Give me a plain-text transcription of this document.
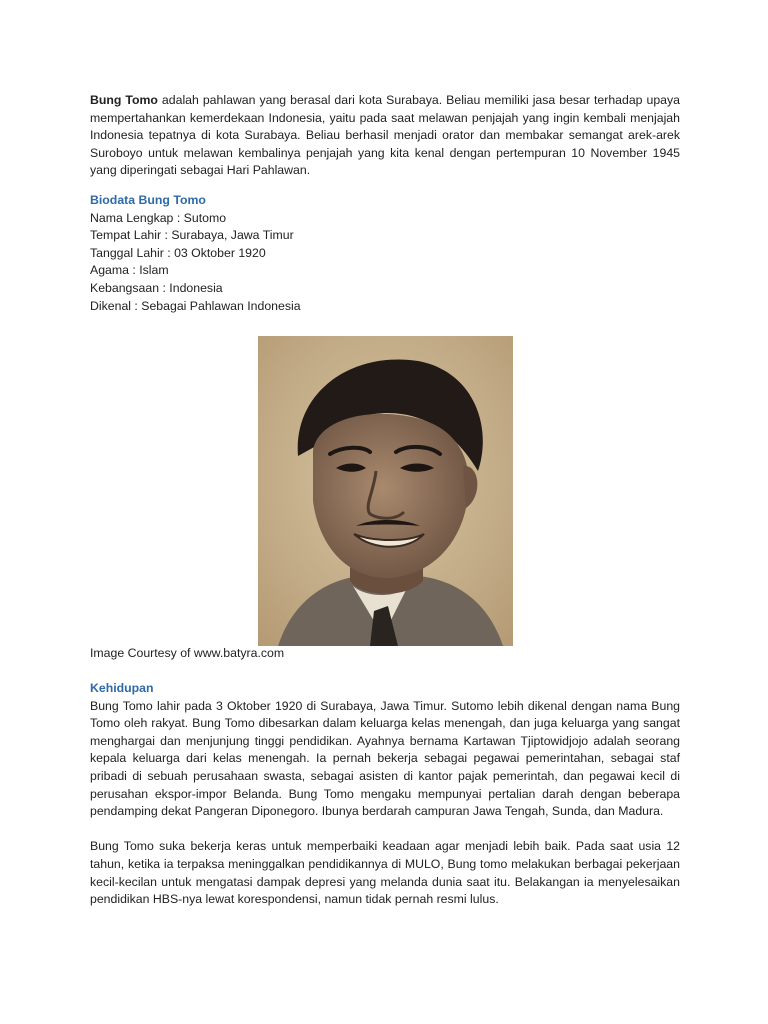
Bung Tomo adalah pahlawan yang berasal dari kota Surabaya. Beliau memiliki jasa besar terhadap upaya mempertahankan kemerdekaan Indonesia, yaitu pada saat melawan penjajah yang ingin kembali menjajah Indonesia tepatnya di kota Surabaya. Beliau berhasil menjadi orator dan membakar semangat arek-arek Suroboyo untuk melawan kembalinya penjajah yang kita kenal dengan pertempuran 10 November 1945 yang diperingati sebagai Hari Pahlawan.

Biodata Bung Tomo

Nama Lengkap : Sutomo
Tempat Lahir : Surabaya, Jawa Timur
Tanggal Lahir : 03 Oktober 1920
Agama : Islam
Kebangsaan : Indonesia
Dikenal : Sebagai Pahlawan Indonesia
Image Courtesy of www.batyra.com

Kehidupan

Bung Tomo lahir pada 3 Oktober 1920 di Surabaya, Jawa Timur. Sutomo lebih dikenal dengan nama Bung Tomo oleh rakyat. Bung Tomo dibesarkan dalam keluarga kelas menengah, dan juga keluarga yang sangat menghargai dan menjunjung tinggi pendidikan. Ayahnya bernama Kartawan Tjiptowidjojo adalah seorang kepala keluarga dari kelas menengah. Ia pernah bekerja sebagai pegawai pemerintahan, sebagai staf pribadi di sebuah perusahaan swasta, sebagai asisten di kantor pajak pemerintah, dan pegawai kecil di perusahan ekspor-impor Belanda. Bung Tomo mengaku mempunyai pertalian darah dengan beberapa pendamping dekat Pangeran Diponegoro. Ibunya berdarah campuran Jawa Tengah, Sunda, dan Madura.

Bung Tomo suka bekerja keras untuk memperbaiki keadaan agar menjadi lebih baik. Pada saat usia 12 tahun, ketika ia terpaksa meninggalkan pendidikannya di MULO, Bung tomo melakukan berbagai pekerjaan kecil-kecilan untuk mengatasi dampak depresi yang melanda dunia saat itu. Belakangan ia menyelesaikan pendidikan HBS-nya lewat korespondensi, namun tidak pernah resmi lulus.
